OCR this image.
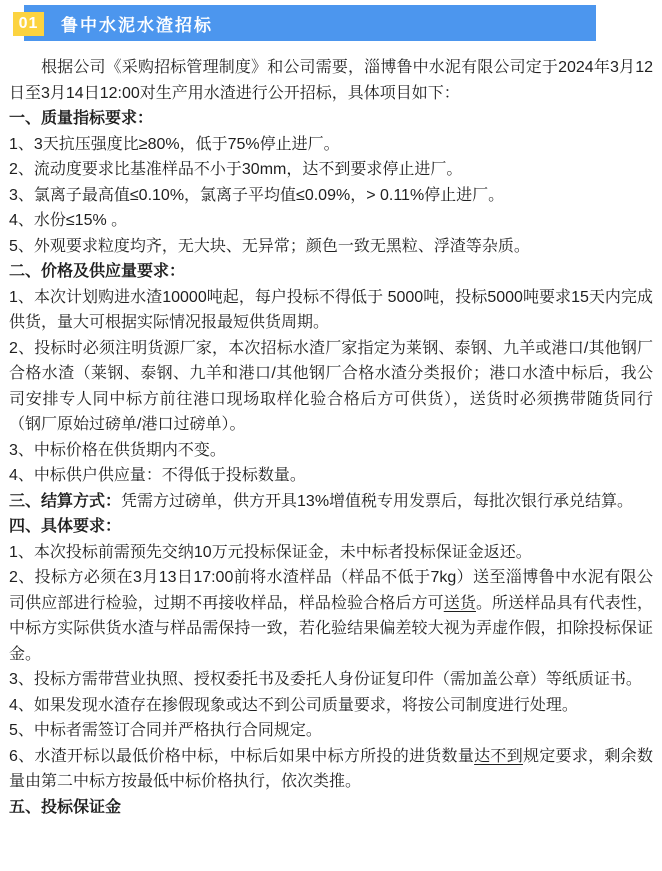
01	鲁中水泥水渣招标

根据公司《采购招标管理制度》和公司需要，淄博鲁中水泥有限公司定于2024年3月12日至3月14日12:00对生产用水渣进行公开招标，具体项目如下：

一、质量指标要求：

1、3天抗压强度比≥80%，低于75%停止进厂。

2、流动度要求比基准样品不小于30mm，达不到要求停止进厂。

3、氯离子最高值≤0.10%，氯离子平均值≤0.09%，> 0.11%停止进厂。

4、水份≤15% 。

5、外观要求粒度均齐，无大块、无异常；颜色一致无黑粒、浮渣等杂质。

二、价格及供应量要求：

1、本次计划购进水渣10000吨起，每户投标不得低于 5000吨，投标5000吨要求15天内完成供货，量大可根据实际情况报最短供货周期。

2、投标时必须注明货源厂家，本次招标水渣厂家指定为莱钢、泰钢、九羊或港口/其他钢厂合格水渣（莱钢、泰钢、九羊和港口/其他钢厂合格水渣分类报价；港口水渣中标后，我公司安排专人同中标方前往港口现场取样化验合格后方可供货），送货时必须携带随货同行（钢厂原始过磅单/港口过磅单）。

3、中标价格在供货期内不变。

4、中标供户供应量：不得低于投标数量。

三、结算方式：凭需方过磅单，供方开具13%增值税专用发票后，每批次银行承兑结算。

四、具体要求：

1、本次投标前需预先交纳10万元投标保证金，未中标者投标保证金返还。

2、投标方必须在3月13日17:00前将水渣样品（样品不低于7kg）送至淄博鲁中水泥有限公司供应部进行检验，过期不再接收样品，样品检验合格后方可送货。所送样品具有代表性，中标方实际供货水渣与样品需保持一致，若化验结果偏差较大视为弄虚作假，扣除投标保证金。

3、投标方需带营业执照、授权委托书及委托人身份证复印件（需加盖公章）等纸质证书。

4、如果发现水渣存在掺假现象或达不到公司质量要求，将按公司制度进行处理。

5、中标者需签订合同并严格执行合同规定。

6、水渣开标以最低价格中标，中标后如果中标方所投的进货数量达不到规定要求，剩余数量由第二中标方按最低中标价格执行，依次类推。

五、投标保证金
